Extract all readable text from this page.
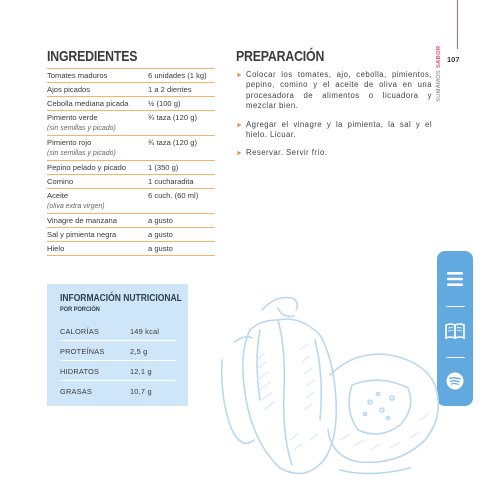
INGREDIENTES
Tomates maduros	6 unidades (1 kg)
Ajos picados	1 a 2 dientes
Cebolla mediana picada	½ (100 g)
Pimiento verde	¾ taza (120 g)
(sin semillas y picado)
Pimiento rojo	¾ taza (120 g)
(sin semillas y picado)
Pepino pelado y picado	1 (350 g)
Comino	1 cucharadita
Aceite	6 cuch. (60 ml)
(oliva extra virgen)
Vinagre de manzana	a gusto
Sal y pimienta negra	a gusto
Hielo	a gusto
PREPARACIÓN
► Colocar los tomates, ajo, cebolla, pimientos, pepino, comino y el aceite de oliva en una procesadora de alimentos o licuadora y mezclar bien.
► Agregar el vinagre y la pimienta, la sal y el hielo. Licuar.
► Reservar. Servir frío.
INFORMACIÓN NUTRICIONAL
POR PORCIÓN
CALORÍAS	149 kcal
PROTEÍNAS	2,5 g
HIDRATOS	12,1 g
GRASAS	10,7 g
107
SUMAMOS SABOR
